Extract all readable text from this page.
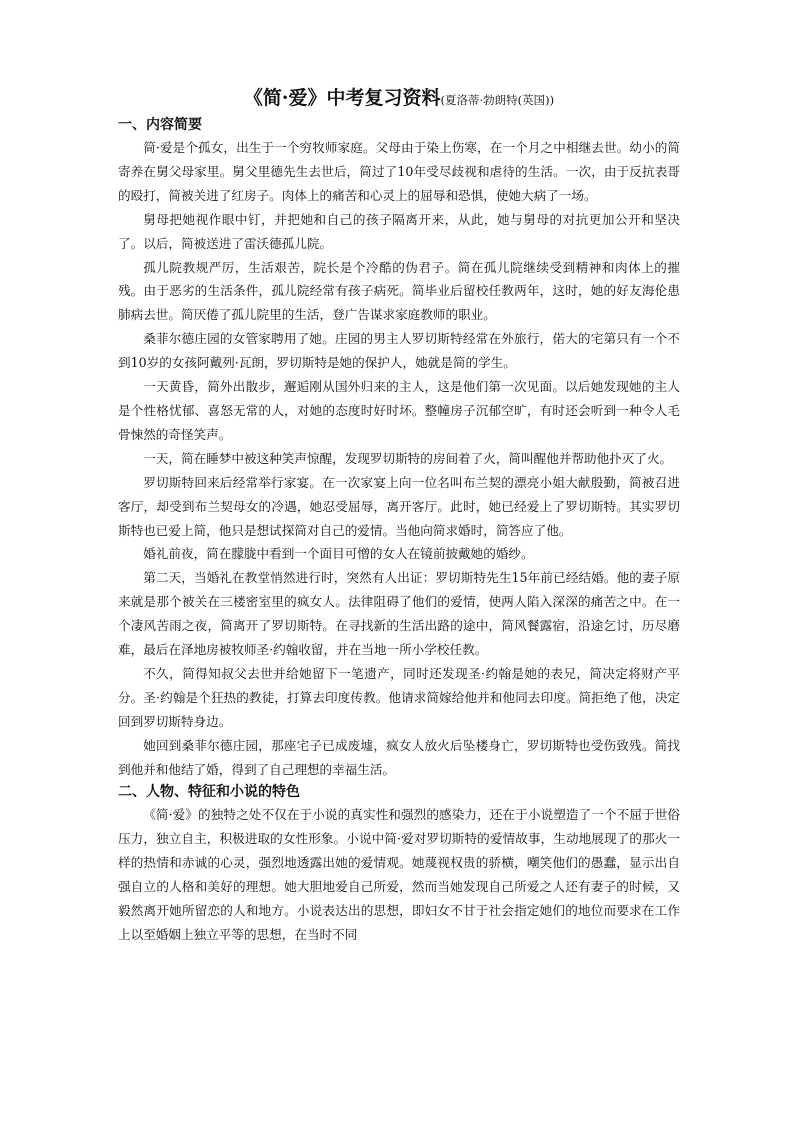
《简·爱》中考复习资料(夏洛蒂·勃朗特(英国))
一、内容简要

简·爱是个孤女，出生于一个穷牧师家庭。父母由于染上伤寒，在一个月之中相继去世。幼小的简寄养在舅父母家里。舅父里德先生去世后，简过了10年受尽歧视和虐待的生活。一次，由于反抗表哥的殴打，简被关进了红房子。肉体上的痛苦和心灵上的屈辱和恐惧，使她大病了一场。

舅母把她视作眼中钉，并把她和自己的孩子隔离开来，从此，她与舅母的对抗更加公开和坚决了。以后，简被送进了雷沃德孤儿院。

孤儿院教规严厉，生活艰苦，院长是个冷酷的伪君子。简在孤儿院继续受到精神和肉体上的摧残。由于恶劣的生活条件，孤儿院经常有孩子病死。简毕业后留校任教两年，这时，她的好友海伦患肺病去世。简厌倦了孤儿院里的生活，登广告谋求家庭教师的职业。

桑菲尔德庄园的女管家聘用了她。庄园的男主人罗切斯特经常在外旅行，偌大的宅第只有一个不到10岁的女孩阿戴列·瓦朗，罗切斯特是她的保护人，她就是简的学生。

一天黄昏，简外出散步，邂逅刚从国外归来的主人，这是他们第一次见面。以后她发现她的主人是个性格忧郁、喜怒无常的人，对她的态度时好时坏。整幢房子沉郁空旷，有时还会听到一种令人毛骨悚然的奇怪笑声。

一天，简在睡梦中被这种笑声惊醒，发现罗切斯特的房间着了火，简叫醒他并帮助他扑灭了火。

罗切斯特回来后经常举行家宴。在一次家宴上向一位名叫布兰契的漂亮小姐大献殷勤，简被召进客厅，却受到布兰契母女的冷遇，她忍受屈辱，离开客厅。此时，她已经爱上了罗切斯特。其实罗切斯特也已爱上简，他只是想试探简对自己的爱情。当他向简求婚时，简答应了他。

婚礼前夜，简在朦胧中看到一个面目可憎的女人在镜前披戴她的婚纱。

第二天，当婚礼在教堂悄然进行时，突然有人出证：罗切斯特先生15年前已经结婚。他的妻子原来就是那个被关在三楼密室里的疯女人。法律阻碍了他们的爱情，使两人陷入深深的痛苦之中。在一个凄风苦雨之夜，简离开了罗切斯特。在寻找新的生活出路的途中，简风餐露宿，沿途乞讨，历尽磨难，最后在泽地房被牧师圣·约翰收留，并在当地一所小学校任教。

不久，简得知叔父去世并给她留下一笔遗产，同时还发现圣·约翰是她的表兄，简决定将财产平分。圣·约翰是个狂热的教徒，打算去印度传教。他请求简嫁给他并和他同去印度。简拒绝了他，决定回到罗切斯特身边。

她回到桑菲尔德庄园，那座宅子已成废墟，疯女人放火后坠楼身亡，罗切斯特也受伤致残。简找到他并和他结了婚，得到了自己理想的幸福生活。

二、人物、特征和小说的特色

《简·爱》的独特之处不仅在于小说的真实性和强烈的感染力，还在于小说塑造了一个不屈于世俗压力，独立自主，积极进取的女性形象。小说中简·爱对罗切斯特的爱情故事，生动地展现了的那火一样的热情和赤诚的心灵，强烈地透露出她的爱情观。她蔑视权贵的骄横，嘲笑他们的愚蠢，显示出自强自立的人格和美好的理想。她大胆地爱自己所爱，然而当她发现自己所爱之人还有妻子的时候，又毅然离开她所留恋的人和地方。小说表达出的思想，即妇女不甘于社会指定她们的地位而要求在工作上以至婚姻上独立平等的思想，在当时不同
